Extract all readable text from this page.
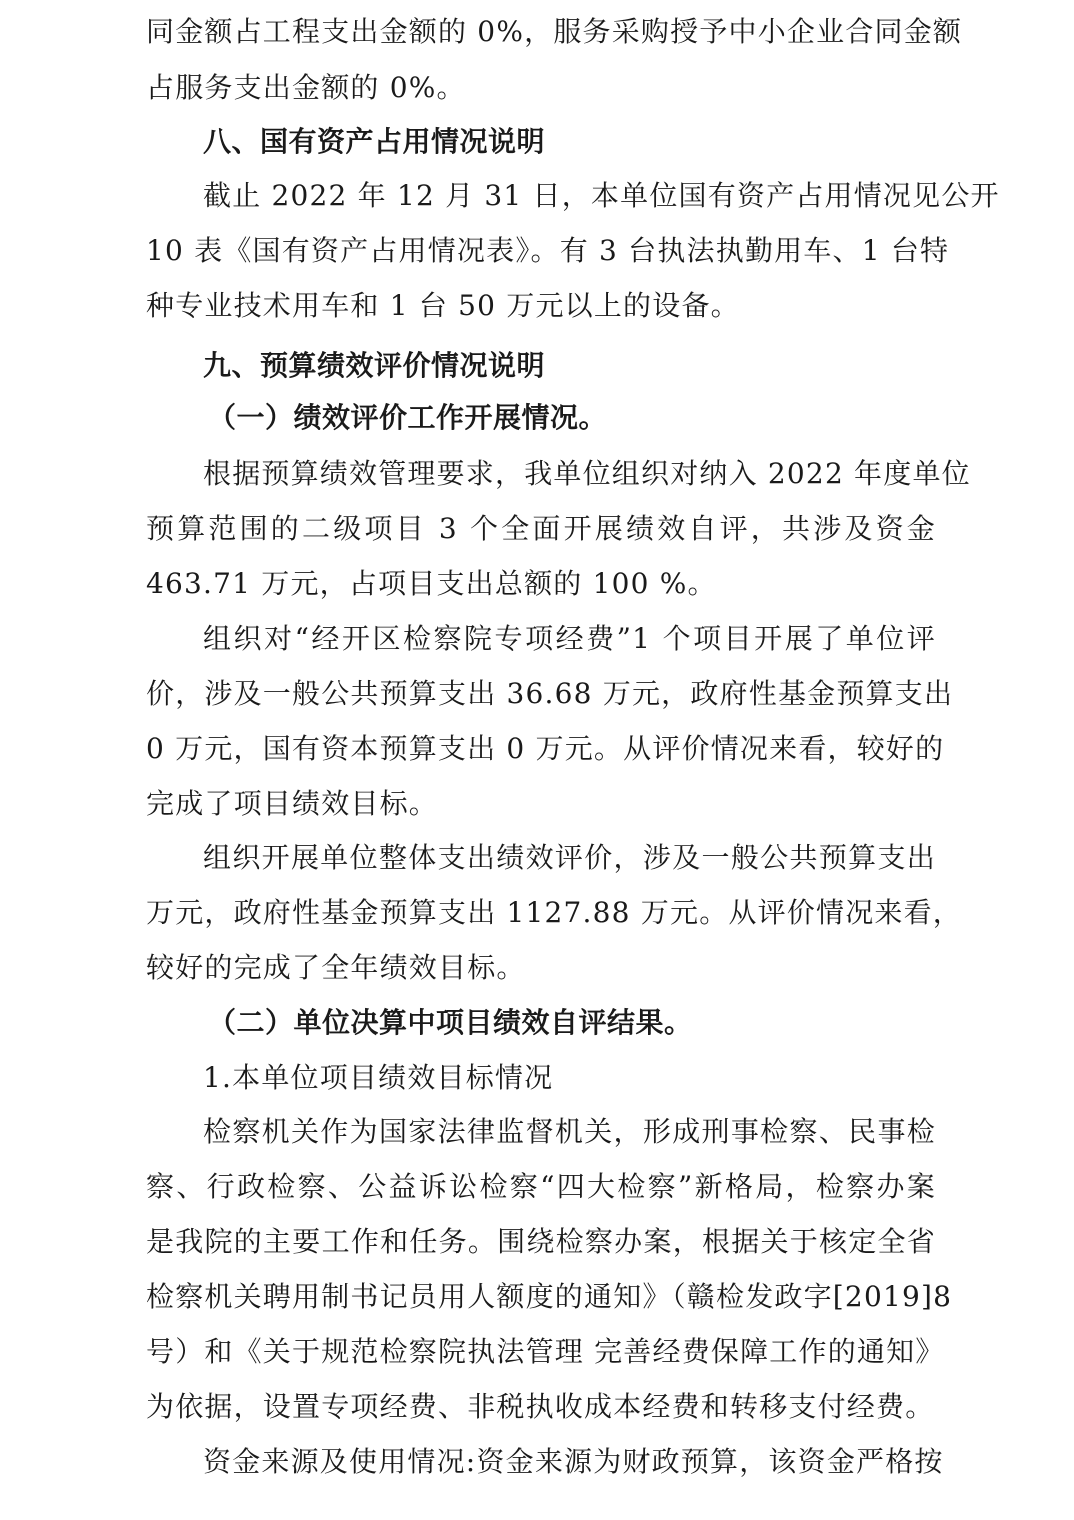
同金额占工程支出金额的 0%，服务采购授予中小企业合同金额
占服务支出金额的 0%。
八、国有资产占用情况说明
截止 2022 年 12 月 31 日，本单位国有资产占用情况见公开
10 表《国有资产占用情况表》。有 3 台执法执勤用车、1 台特
种专业技术用车和 1 台 50 万元以上的设备。
九、预算绩效评价情况说明
（一）绩效评价工作开展情况。
根据预算绩效管理要求，我单位组织对纳入 2022 年度单位
预算范围的二级项目 3 个全面开展绩效自评，共涉及资金
463.71 万元，占项目支出总额的 100 %。
组织对“经开区检察院专项经费”1 个项目开展了单位评
价，涉及一般公共预算支出 36.68 万元，政府性基金预算支出
0 万元，国有资本预算支出 0 万元。从评价情况来看，较好的
完成了项目绩效目标。
组织开展单位整体支出绩效评价，涉及一般公共预算支出
万元，政府性基金预算支出 1127.88 万元。从评价情况来看，
较好的完成了全年绩效目标。
（二）单位决算中项目绩效自评结果。
1.本单位项目绩效目标情况
检察机关作为国家法律监督机关，形成刑事检察、民事检
察、行政检察、公益诉讼检察“四大检察”新格局，检察办案
是我院的主要工作和任务。围绕检察办案，根据关于核定全省
检察机关聘用制书记员用人额度的通知》（赣检发政字[2019]8
号）和《关于规范检察院执法管理 完善经费保障工作的通知》
为依据，设置专项经费、非税执收成本经费和转移支付经费。
资金来源及使用情况:资金来源为财政预算，该资金严格按
